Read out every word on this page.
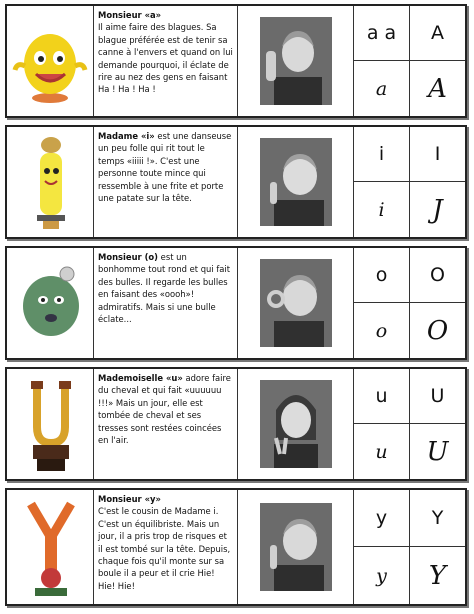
Monsieur «a»
Il aime faire des blagues. Sa blague préférée est de tenir sa canne à l'envers et quand on lui demande pourquoi, il éclate de rire au nez des gens en faisant Ha ! Ha ! Ha !
a a
a
A
A
Madame «i» est une danseuse un peu folle qui rit tout le temps «iiiii !». C'est une personne toute mince qui ressemble à une frite et porte une patate sur la tête.
i
i
I
J
Monsieur (o) est un bonhomme tout rond et qui fait des bulles. Il regarde les bulles en faisant des «oooh»! admiratifs. Mais si une bulle éclate...
o
o
O
O
Mademoiselle «u» adore faire du cheval et qui fait «uuuuuu !!!» Mais un jour, elle est tombée de cheval et ses tresses sont restées coincées en l'air.
u
u
U
U
Monsieur «y»
C'est le cousin de Madame i. C'est un équilibriste. Mais un jour, il a pris trop de risques et il est tombé sur la tête. Depuis, chaque fois qu'il monte sur sa boule il a peur et il crie Hie! Hie! Hie!
y
y
Y
Y
